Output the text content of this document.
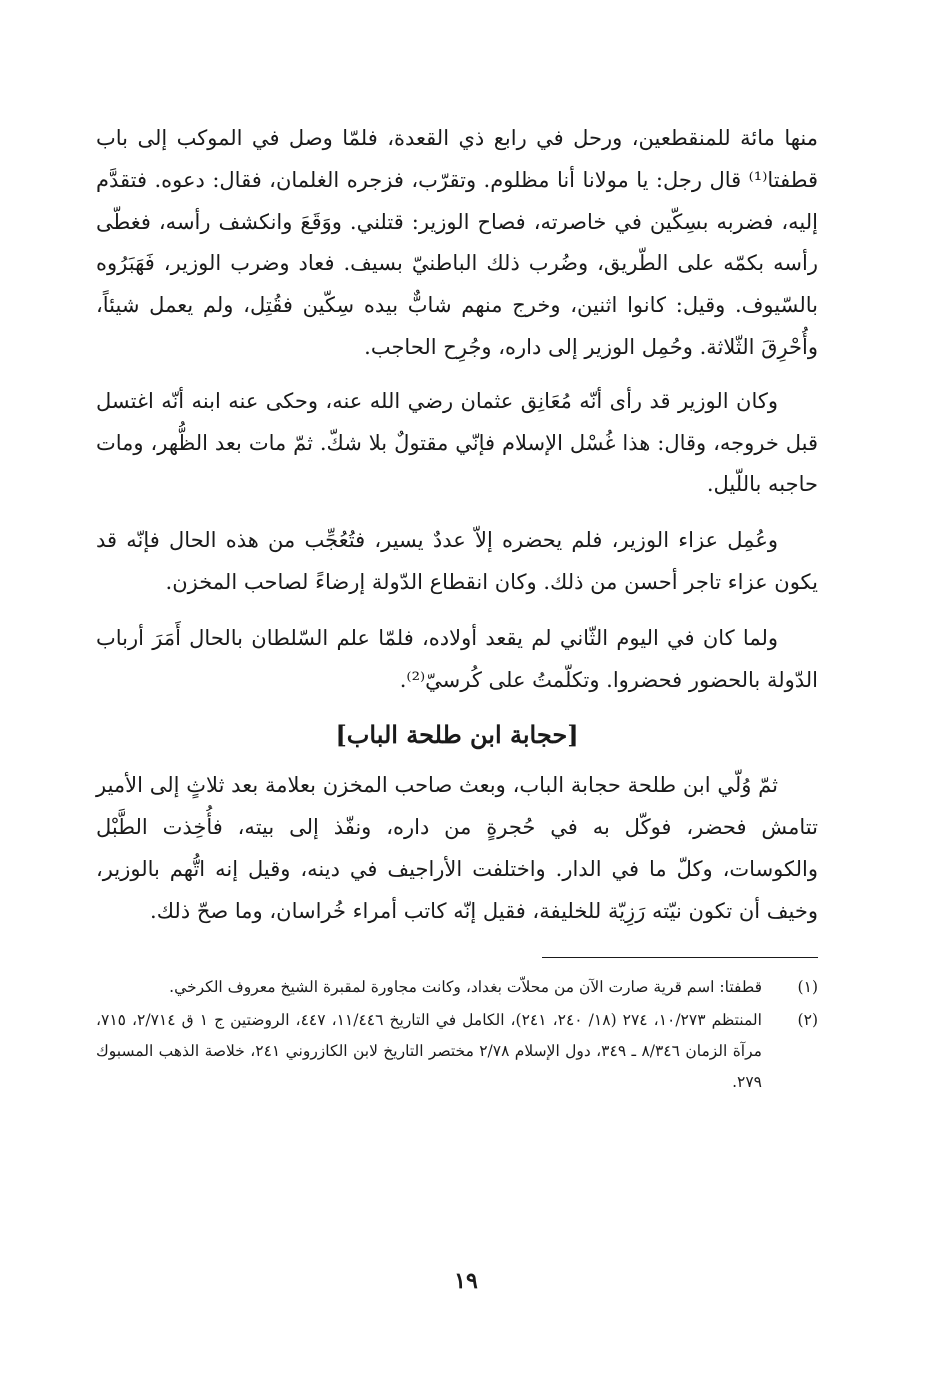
منها مائة للمنقطعين، ورحل في رابع ذي القعدة، فلمّا وصل في الموكب إلى باب قطفتا⁽¹⁾ قال رجل: يا مولانا أنا مظلوم. وتقرّب، فزجره الغلمان، فقال: دعوه. فتقدَّم إليه، فضربه بسِكّين في خاصرته، فصاح الوزير: قتلني. ووَقَعَ وانكشف رأسه، فغطّى رأسه بكمّه على الطّريق، وضُرب ذلك الباطنيّ بسيف. فعاد وضرب الوزير، فَهَبَرُوه بالسّيوف. وقيل: كانوا اثنين، وخرج منهم شابٌّ بيده سِكّين فقُتِل، ولم يعمل شيئاً، وأُحْرِقَ الثّلاثة. وحُمِل الوزير إلى داره، وجُرِح الحاجب.

وكان الوزير قد رأى أنّه مُعَانِق عثمان رضي الله عنه، وحكى عنه ابنه أنّه اغتسل قبل خروجه، وقال: هذا غُسْل الإسلام فإنّي مقتولٌ بلا شكّ. ثمّ مات بعد الظُّهر، ومات حاجبه باللّيل.

وعُمِل عزاء الوزير، فلم يحضره إلاّ عددٌ يسير، فتُعُجِّب من هذه الحال فإنّه قد يكون عزاء تاجر أحسن من ذلك. وكان انقطاع الدّولة إرضاءً لصاحب المخزن.

ولما كان في اليوم الثّاني لم يقعد أولاده، فلمّا علم السّلطان بالحال أَمَرَ أرباب الدّولة بالحضور فحضروا. وتكلّمتُ على كُرسيّ⁽²⁾.

[حجابة ابن طلحة الباب]

ثمّ وُلّي ابن طلحة حجابة الباب، وبعث صاحب المخزن بعلامة بعد ثلاثٍ إلى الأمير تتامش فحضر، فوكّل به في حُجرةٍ من داره، ونفّذ إلى بيته، فأُخِذت الطَّبْل والكوسات، وكلّ ما في الدار. واختلفت الأراجيف في دينه، وقيل إنه اتُّهم بالوزير، وخيف أن تكون نيّته رَزِيّة للخليفة، فقيل إنّه كاتب أمراء خُراسان، وما صحّ ذلك.

(١)
قطفتا: اسم قرية صارت الآن من محلاّت بغداد، وكانت مجاورة لمقبرة الشيخ معروف الكرخي.
(٢)
المنتظم ١٠/٢٧٣، ٢٧٤ (١٨/ ٢٤٠، ٢٤١)، الكامل في التاريخ ١١/٤٤٦، ٤٤٧، الروضتين ج ١ ق ٢/٧١٤، ٧١٥، مرآة الزمان ٨/٣٤٦ ـ ٣٤٩، دول الإسلام ٢/٧٨ مختصر التاريخ لابن الكازروني ٢٤١، خلاصة الذهب المسبوك ٢٧٩.
١٩
